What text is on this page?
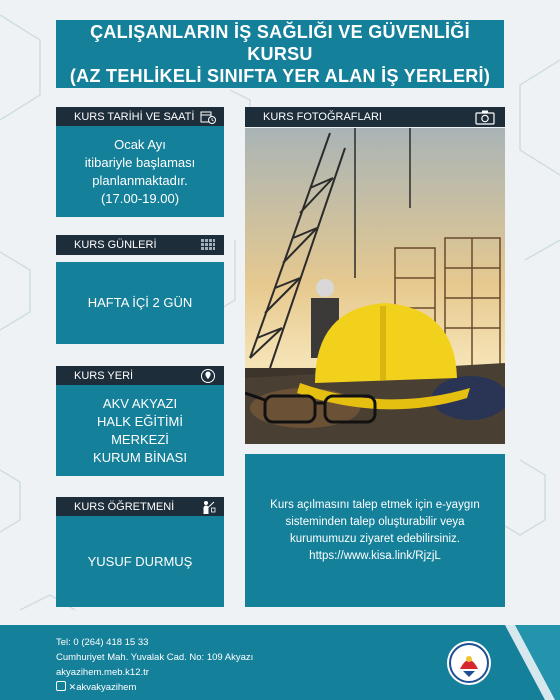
ÇALIŞANLARIN İŞ SAĞLIĞI VE GÜVENLİĞİ KURSU
(AZ TEHLİKELİ SINIFTA YER ALAN İŞ YERLERİ)
KURS TARİHİ VE SAATİ
Ocak Ayı
itibariyle başlaması
planlanmaktadır.
(17.00-19.00)
KURS GÜNLERİ
HAFTA İÇİ 2 GÜN
KURS YERİ
AKV AKYAZI
HALK EĞİTİMİ
MERKEZİ
KURUM BİNASI
KURS ÖĞRETMENİ
YUSUF DURMUŞ
KURS FOTOĞRAFLARI
Kurs açılmasını talep etmek için e-yaygın
sisteminden talep oluşturabilir veya
kurumumuzu ziyaret edebilirsiniz.
https://www.kisa.link/RjzjL
Tel: 0 (264) 418 15 33
Cumhuriyet Mah. Yuvalak Cad. No: 109 Akyazı
akyazihem.meb.k12.tr
✕akvakyazihem
